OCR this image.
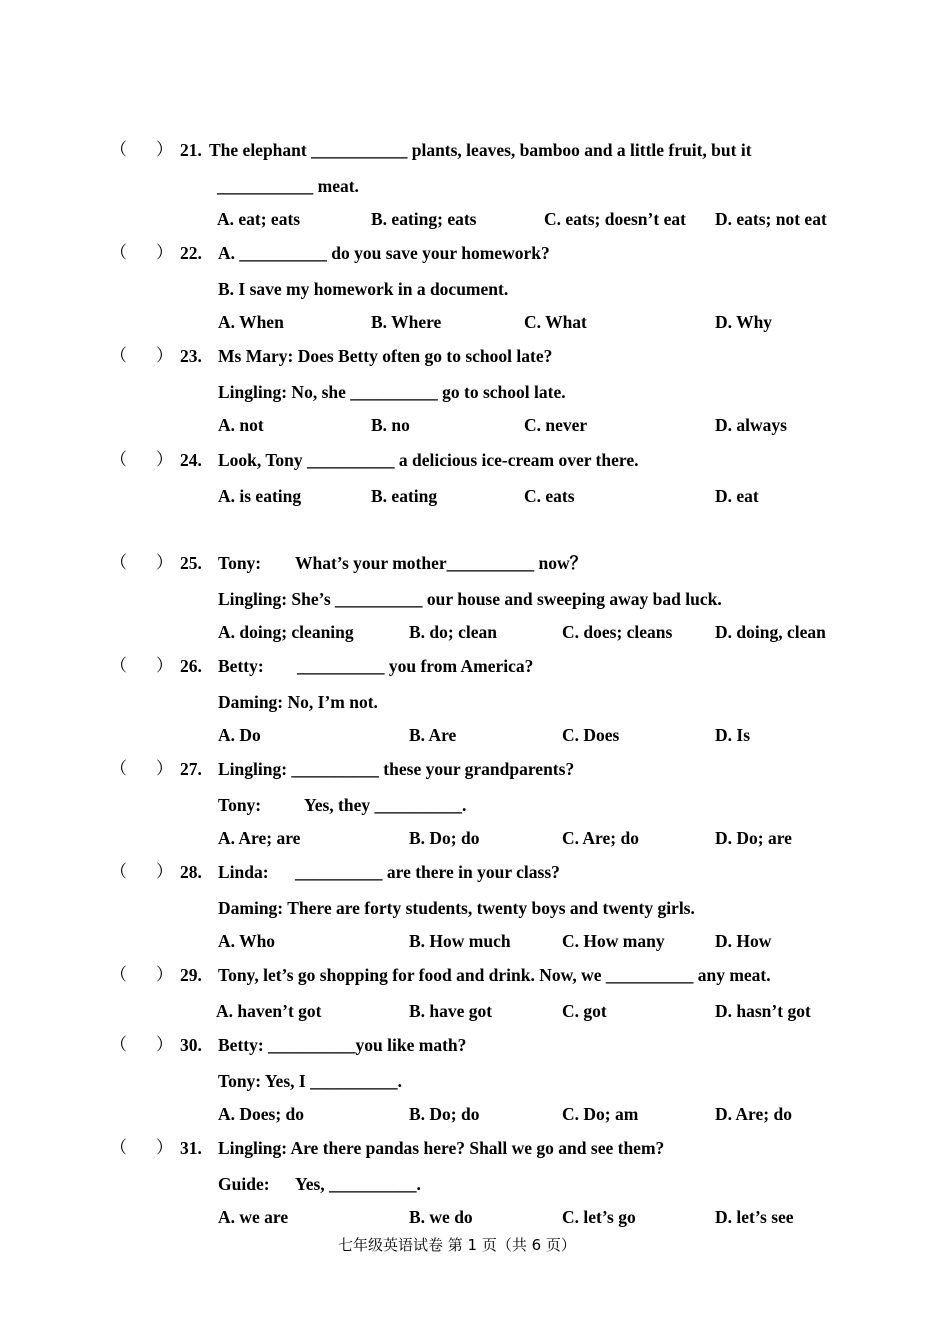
（ ） 21. The elephant ___________ plants, leaves, bamboo and a little fruit, but it
___________ meat.
A. eat; eats	B. eating; eats	C. eats; doesn’t eat D. eats; not eat
（ ） 22. A. __________ do you save your homework?
B. I save my homework in a document.
A. When	B. Where	C. What	D. Why
（ ） 23. Ms Mary: Does Betty often go to school late?
Lingling: No, she __________ go to school late.
A. not	B. no	C. never	D. always
（ ） 24. Look, Tony __________ a delicious ice-cream over there.
A. is eating	B. eating	C. eats	D. eat
（ ） 25. Tony: What’s your mother__________ now？
Lingling: She’s __________ our house and sweeping away bad luck.
A. doing; cleaning	B. do; clean	C. does; cleans D. doing, clean
（ ） 26. Betty: __________ you from America?
Daming: No, I’m not.
A. Do	B. Are	C. Does	D. Is
（ ） 27. Lingling: __________ these your grandparents?
Tony: Yes, they __________.
A. Are; are	B. Do; do	C. Are; do	D. Do; are
（ ） 28. Linda: __________ are there in your class?
Daming: There are forty students, twenty boys and twenty girls.
A. Who	B. How much	C. How many	D. How
（ ） 29. Tony, let’s go shopping for food and drink. Now, we __________ any meat.
A. haven’t got	B. have got	C. got	D. hasn’t got
（ ） 30. Betty: __________you like math?
Tony: Yes, I __________.
A. Does; do	B. Do; do	C. Do; am	D. Are; do
（ ） 31. Lingling: Are there pandas here? Shall we go and see them?
Guide: Yes, __________.
A. we are	B. we do	C. let’s go	D. let’s see
七年级英语试卷 第 1 页（共 6 页）
